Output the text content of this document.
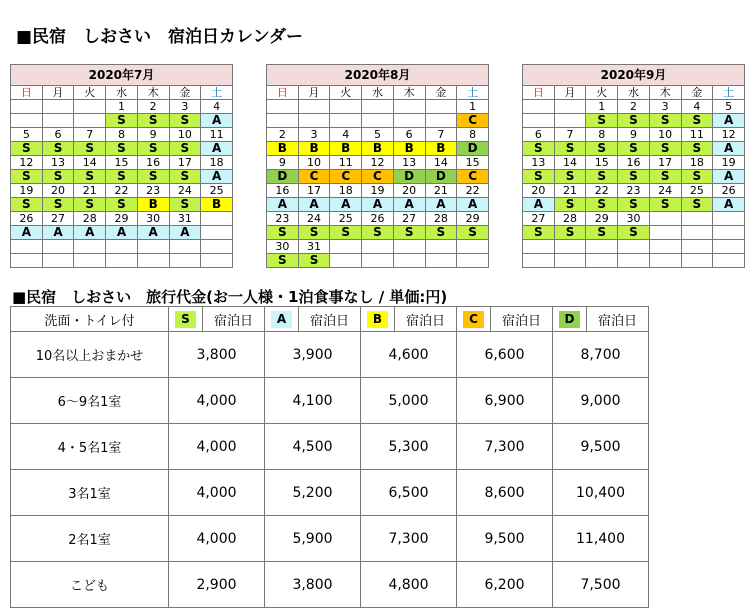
■民宿　しおさい　宿泊日カレンダー
2020年7月						
日	月	火	水	木	金	土
			1	2	3	4
			S	S	S	A
5	6	7	8	9	10	11
S	S	S	S	S	S	A
12	13	14	15	16	17	18
S	S	S	S	S	S	A
19	20	21	22	23	24	25
S	S	S	S	B	S	B
26	27	28	29	30	31	
A	A	A	A	A	A	

2020年8月						
日	月	火	水	木	金	土
						1
						C
2	3	4	5	6	7	8
B	B	B	B	B	B	D
9	10	11	12	13	14	15
D	C	C	C	D	D	C
16	17	18	19	20	21	22
A	A	A	A	A	A	A
23	24	25	26	27	28	29
S	S	S	S	S	S	S
30	31					
S	S					
2020年9月						
日	月	火	水	木	金	土
		1	2	3	4	5
		S	S	S	S	A
6	7	8	9	10	11	12
S	S	S	S	S	S	A
13	14	15	16	17	18	19
S	S	S	S	S	S	A
20	21	22	23	24	25	26
A	S	S	S	S	S	A
27	28	29	30			
S	S	S	S			

■民宿　しおさい　旅行代金(お一人様・1泊食事なし / 単価:円)
洗面・トイレ付	S	宿泊日	A	宿泊日	B	宿泊日	C	宿泊日	D	宿泊日
10名以上おまかせ	3,800		3,900		4,600		6,600		8,700	
6～9名1室	4,000		4,100		5,000		6,900		9,000	
4・5名1室	4,000		4,500		5,300		7,300		9,500	
3名1室	4,000		5,200		6,500		8,600		10,400	
2名1室	4,000		5,900		7,300		9,500		11,400	
こども	2,900		3,800		4,800		6,200		7,500	
